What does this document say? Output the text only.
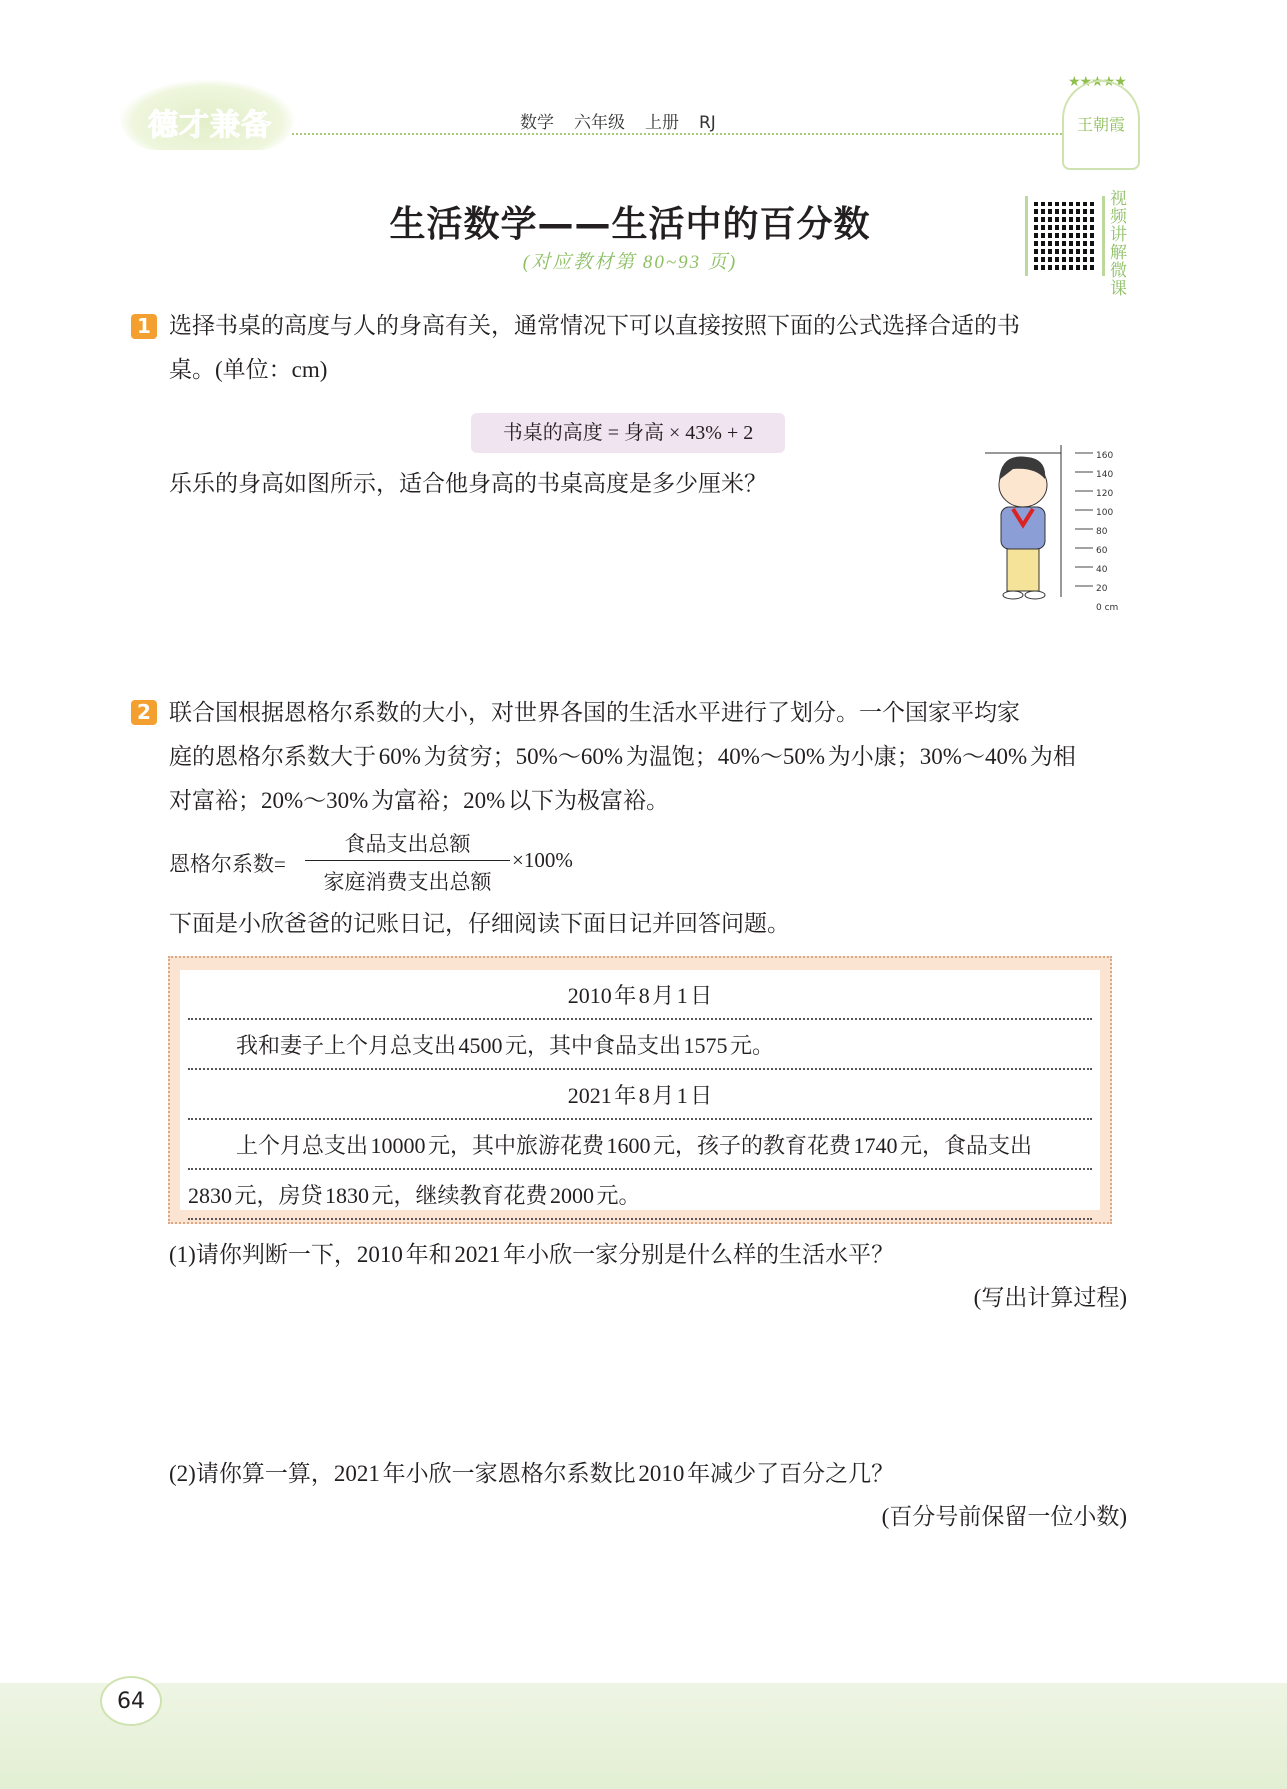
德才兼备	数学 六年级 上册 RJ
★★★★★
王朝霞
生活数学——生活中的百分数
(对应教材第 80~93 页)
视频讲解微课
1 选择书桌的高度与人的身高有关，通常情况下可以直接按照下面的公式选择合适的书
桌。(单位：cm)
书桌的高度 = 身高 × 43% + 2
乐乐的身高如图所示，适合他身高的书桌高度是多少厘米？
160
140
120
100
80
60
40
20
0 cm
2 联合国根据恩格尔系数的大小，对世界各国的生活水平进行了划分。一个国家平均家
庭的恩格尔系数大于 60% 为贫穷；50%～60% 为温饱；40%～50% 为小康；30%～40% 为相
对富裕；20%～30% 为富裕；20% 以下为极富裕。
恩格尔系数=
食品支出总额
家庭消费支出总额
×100%
下面是小欣爸爸的记账日记，仔细阅读下面日记并回答问题。
2010 年 8 月 1 日
我和妻子上个月总支出 4500 元，其中食品支出 1575 元。
2021 年 8 月 1 日
上个月总支出 10000 元，其中旅游花费 1600 元，孩子的教育花费 1740 元，食品支出
2830 元，房贷 1830 元，继续教育花费 2000 元。
(1)请你判断一下，2010 年和 2021 年小欣一家分别是什么样的生活水平？
(写出计算过程)
(2)请你算一算，2021 年小欣一家恩格尔系数比 2010 年减少了百分之几？
(百分号前保留一位小数)
64
